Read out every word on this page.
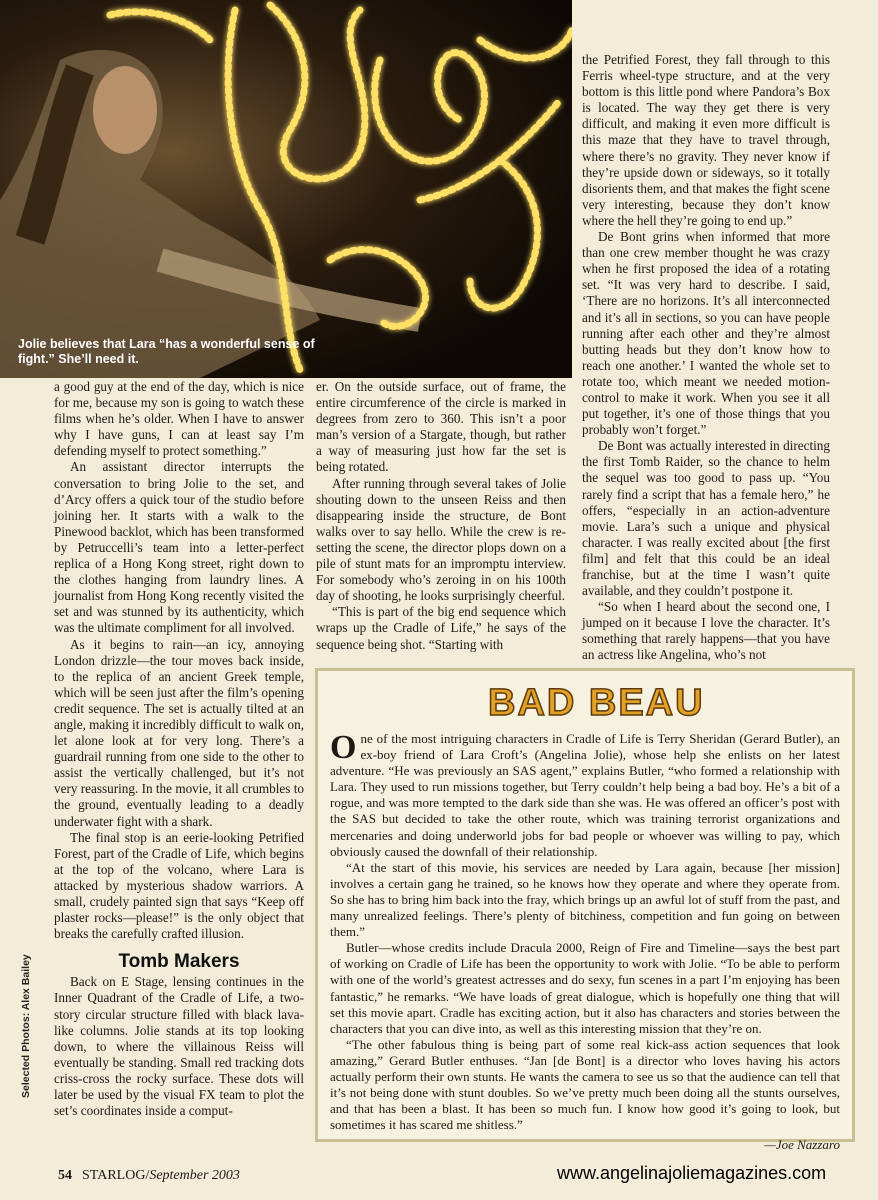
Jolie believes that Lara “has a wonderful sense of fight.” She’ll need it.

a good guy at the end of the day, which is nice for me, because my son is going to watch these films when he’s older. When I have to answer why I have guns, I can at least say I’m defending myself to protect something.”

An assistant director interrupts the conversation to bring Jolie to the set, and d’Arcy offers a quick tour of the studio before joining her. It starts with a walk to the Pinewood backlot, which has been transformed by Petruccelli’s team into a letter-perfect replica of a Hong Kong street, right down to the clothes hanging from laundry lines. A journalist from Hong Kong recently visited the set and was stunned by its authenticity, which was the ultimate compliment for all involved.

As it begins to rain—an icy, annoying London drizzle—the tour moves back inside, to the replica of an ancient Greek temple, which will be seen just after the film’s opening credit sequence. The set is actually tilted at an angle, making it incredibly difficult to walk on, let alone look at for very long. There’s a guardrail running from one side to the other to assist the vertically challenged, but it’s not very reassuring. In the movie, it all crumbles to the ground, eventually leading to a deadly underwater fight with a shark.

The final stop is an eerie-looking Petrified Forest, part of the Cradle of Life, which begins at the top of the volcano, where Lara is attacked by mysterious shadow warriors. A small, crudely painted sign that says “Keep off plaster rocks—please!” is the only object that breaks the carefully crafted illusion.

Tomb Makers

Back on E Stage, lensing continues in the Inner Quadrant of the Cradle of Life, a two-story circular structure filled with black lava-like columns. Jolie stands at its top looking down, to where the villainous Reiss will eventually be standing. Small red tracking dots criss-cross the rocky surface. These dots will later be used by the visual FX team to plot the set’s coordinates inside a comput-

er. On the outside surface, out of frame, the entire circumference of the circle is marked in degrees from zero to 360. This isn’t a poor man’s version of a Stargate, though, but rather a way of measuring just how far the set is being rotated.

After running through several takes of Jolie shouting down to the unseen Reiss and then disappearing inside the structure, de Bont walks over to say hello. While the crew is re-setting the scene, the director plops down on a pile of stunt mats for an impromptu interview. For somebody who’s zeroing in on his 100th day of shooting, he looks surprisingly cheerful.

“This is part of the big end sequence which wraps up the Cradle of Life,” he says of the sequence being shot. “Starting with

the Petrified Forest, they fall through to this Ferris wheel-type structure, and at the very bottom is this little pond where Pandora’s Box is located. The way they get there is very difficult, and making it even more difficult is this maze that they have to travel through, where there’s no gravity. They never know if they’re upside down or sideways, so it totally disorients them, and that makes the fight scene very interesting, because they don’t know where the hell they’re going to end up.”

De Bont grins when informed that more than one crew member thought he was crazy when he first proposed the idea of a rotating set. “It was very hard to describe. I said, ‘There are no horizons. It’s all interconnected and it’s all in sections, so you can have people running after each other and they’re almost butting heads but they don’t know how to reach one another.’ I wanted the whole set to rotate too, which meant we needed motion-control to make it work. When you see it all put together, it’s one of those things that you probably won’t forget.”

De Bont was actually interested in directing the first Tomb Raider, so the chance to helm the sequel was too good to pass up. “You rarely find a script that has a female hero,” he offers, “especially in an action-adventure movie. Lara’s such a unique and physical character. I was really excited about [the first film] and felt that this could be an ideal franchise, but at the time I wasn’t quite available, and they couldn’t postpone it.

“So when I heard about the second one, I jumped on it because I love the character. It’s something that rarely happens—that you have an actress like Angelina, who’s not

Selected Photos: Alex Bailey
BAD BEAU

One of the most intriguing characters in Cradle of Life is Terry Sheridan (Gerard Butler), an ex-boy friend of Lara Croft’s (Angelina Jolie), whose help she enlists on her latest adventure. “He was previously an SAS agent,” explains Butler, “who formed a relationship with Lara. They used to run missions together, but Terry couldn’t help being a bad boy. He’s a bit of a rogue, and was more tempted to the dark side than she was. He was offered an officer’s post with the SAS but decided to take the other route, which was training terrorist organizations and mercenaries and doing underworld jobs for bad people or whoever was willing to pay, which obviously caused the downfall of their relationship.

“At the start of this movie, his services are needed by Lara again, because [her mission] involves a certain gang he trained, so he knows how they operate and where they operate from. So she has to bring him back into the fray, which brings up an awful lot of stuff from the past, and many unrealized feelings. There’s plenty of bitchiness, competition and fun going on between them.”

Butler—whose credits include Dracula 2000, Reign of Fire and Timeline—says the best part of working on Cradle of Life has been the opportunity to work with Jolie. “To be able to perform with one of the world’s greatest actresses and do sexy, fun scenes in a part I’m enjoying has been fantastic,” he remarks. “We have loads of great dialogue, which is hopefully one thing that will set this movie apart. Cradle has exciting action, but it also has characters and stories between the characters that you can dive into, as well as this interesting mission that they’re on.

“The other fabulous thing is being part of some real kick-ass action sequences that look amazing,” Gerard Butler enthuses. “Jan [de Bont] is a director who loves having his actors actually perform their own stunts. He wants the camera to see us so that the audience can tell that it’s not being done with stunt doubles. So we’ve pretty much been doing all the stunts ourselves, and that has been a blast. It has been so much fun. I know how good it’s going to look, but sometimes it has scared me shitless.”

—Joe Nazzaro
54 STARLOG/September 2003	www.angelinajoliemagazines.com
